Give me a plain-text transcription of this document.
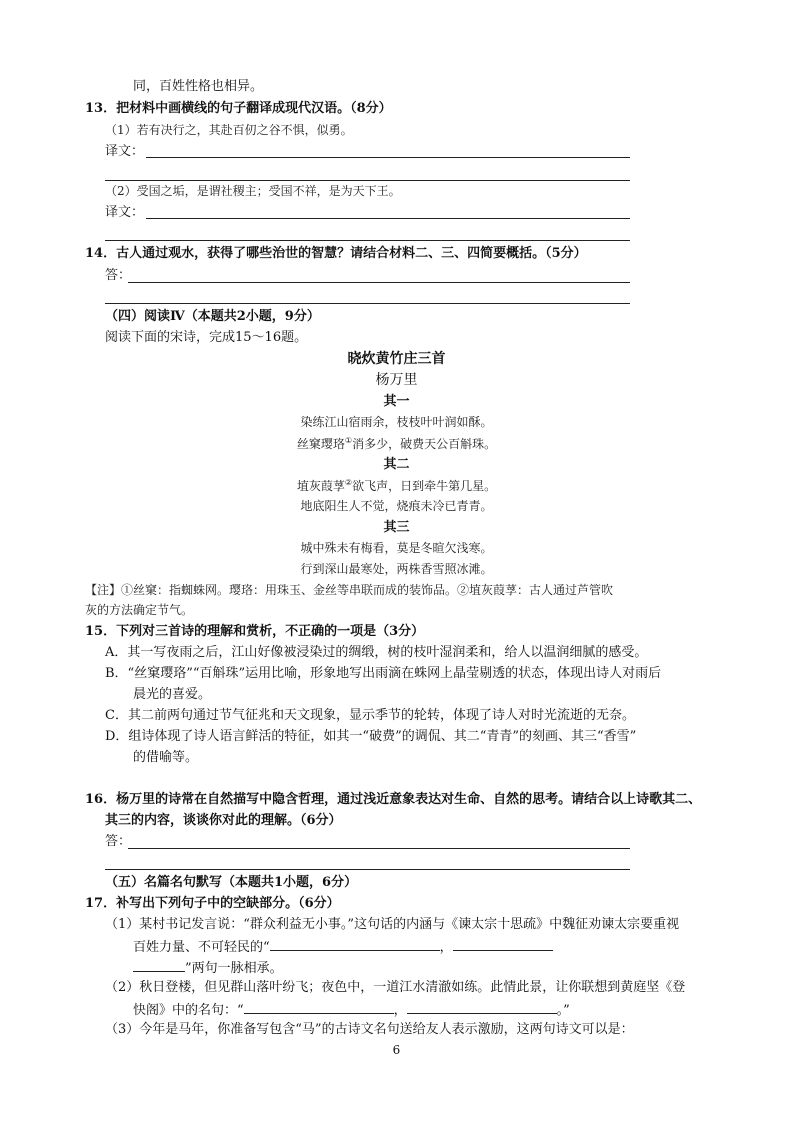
同，百姓性格也相异。
13．把材料中画横线的句子翻译成现代汉语。（8分）
（1）若有决行之，其赴百仞之谷不惧，似勇。
译文：
（2）受国之垢，是谓社稷主；受国不祥，是为天下王。
译文：
14．古人通过观水，获得了哪些治世的智慧？请结合材料二、三、四简要概括。（5分）
答：
（四）阅读Ⅳ（本题共2小题，9分）
阅读下面的宋诗，完成15～16题。
晓炊黄竹庄三首
杨万里
其一
染练江山宿雨余，枝枝叶叶润如酥。
丝窠璎珞①消多少，破费天公百斛珠。
其二
埴灰葭莩②欲飞声，日到牵牛第几星。
地底阳生人不觉，烧痕未冷已青青。
其三
城中殊未有梅看，莫是冬暄欠浅寒。
行到深山最寒处，两株香雪照冰滩。
【注】①丝窠：指蜘蛛网。璎珞：用珠玉、金丝等串联而成的装饰品。②埴灰葭莩：古人通过芦管吹
灰的方法确定节气。
15．下列对三首诗的理解和赏析，不正确的一项是（3分）
A．其一写夜雨之后，江山好像被浸染过的绸缎，树的枝叶湿润柔和，给人以温润细腻的感受。
B．“丝窠璎珞”“百斛珠”运用比喻，形象地写出雨滴在蛛网上晶莹剔透的状态，体现出诗人对雨后
晨光的喜爱。
C．其二前两句通过节气征兆和天文现象，显示季节的轮转，体现了诗人对时光流逝的无奈。
D．组诗体现了诗人语言鲜活的特征，如其一“破费”的调侃、其二“青青”的刻画、其三“香雪”
的借喻等。
16．杨万里的诗常在自然描写中隐含哲理，通过浅近意象表达对生命、自然的思考。请结合以上诗歌其二、
其三的内容，谈谈你对此的理解。（6分）
答：
（五）名篇名句默写（本题共1小题，6分）
17．补写出下列句子中的空缺部分。（6分）
（1）某村书记发言说：“群众利益无小事。”这句话的内涵与《谏太宗十思疏》中魏征劝谏太宗要重视
百姓力量、不可轻民的“	，
”两句一脉相承。
（2）秋日登楼，但见群山落叶纷飞；夜色中，一道江水清澈如练。此情此景，让你联想到黄庭坚《登
快阁》中的名句：“	，	。”
（3）今年是马年，你准备写包含“马”的古诗文名句送给友人表示激励，这两句诗文可以是：
6
